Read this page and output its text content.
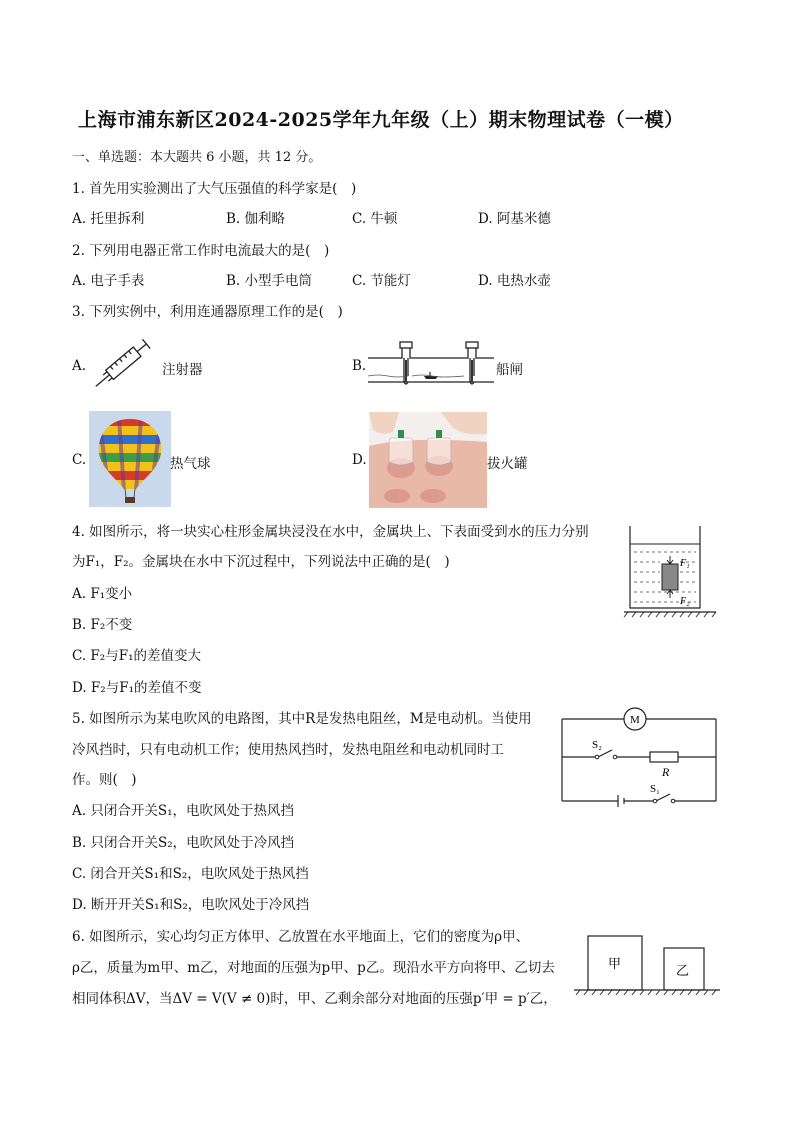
上海市浦东新区2024-2025学年九年级（上）期末物理试卷（一模）
一、单选题：本大题共 6 小题，共 12 分。
1. 首先用实验测出了大气压强值的科学家是(　)
A. 托里拆利	B. 伽利略	C. 牛顿	D. 阿基米德
2. 下列用电器正常工作时电流最大的是(　)
A. 电子手表	B. 小型手电筒	C. 节能灯	D. 电热水壶
3. 下列实例中，利用连通器原理工作的是(　)
A.	注射器	B.	船闸
C.	热气球	D.	拔火罐
4. 如图所示，将一块实心柱形金属块浸没在水中，金属块上、下表面受到水的压力分别
为F₁，F₂。金属块在水中下沉过程中，下列说法中正确的是(　)
A. F₁变小
B. F₂不变
C. F₂与F₁的差值变大
D. F₂与F₁的差值不变
F₁
F₂
5. 如图所示为某电吹风的电路图，其中R是发热电阻丝，M是电动机。当使用
冷风挡时，只有电动机工作；使用热风挡时，发热电阻丝和电动机同时工
作。则(　)
A. 只闭合开关S₁，电吹风处于热风挡
B. 只闭合开关S₂，电吹风处于冷风挡
C. 闭合开关S₁和S₂，电吹风处于热风挡
D. 断开开关S₁和S₂，电吹风处于冷风挡
M
S₂
R
S₁
6. 如图所示，实心均匀正方体甲、乙放置在水平地面上，它们的密度为ρ甲、
ρ乙，质量为m甲、m乙，对地面的压强为p甲、p乙。现沿水平方向将甲、乙切去
相同体积ΔV，当ΔV = V(V ≠ 0)时，甲、乙剩余部分对地面的压强p′甲 = p′乙，
甲	乙
